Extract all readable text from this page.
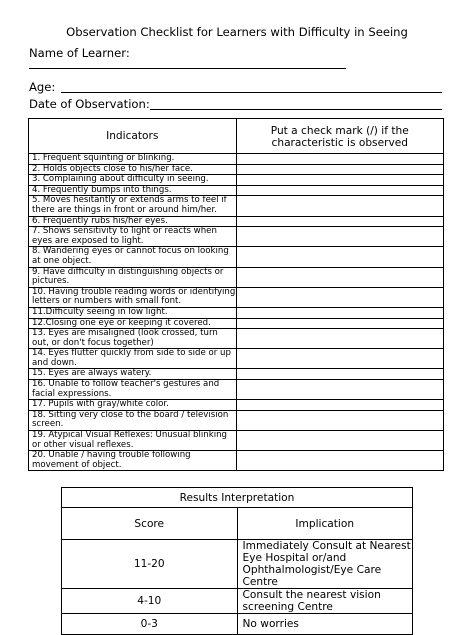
Observation Checklist for Learners with Difficulty in Seeing
Name of Learner:
Age:
Date of Observation:
Indicators	Put a check mark (/) if the characteristic is observed
1. Frequent squinting or blinking.	
2. Holds objects close to his/her face.	
3. Complaining about difficulty in seeing.	
4. Frequently bumps into things.	
5. Moves hesitantly or extends arms to feel if there are things in front or around him/her.	
6. Frequently rubs his/her eyes.	
7. Shows sensitivity to light or reacts when eyes are exposed to light.	
8. Wandering eyes or cannot focus on looking at one object.	
9. Have difficulty in distinguishing objects or pictures.	
10. Having trouble reading words or identifying letters or numbers with small font.	
11.Difficulty seeing in low light.	
12.Closing one eye or keeping it covered.	
13. Eyes are misaligned (look crossed, turn out, or don't focus together)	
14. Eyes flutter quickly from side to side or up and down.	
15. Eyes are always watery.	
16. Unable to follow teacher's gestures and facial expressions.	
17. Pupils with gray/white color.	
18. Sitting very close to the board / television screen.	
19. Atypical Visual Reflexes: Unusual blinking or other visual reflexes.	
20. Unable / having trouble following movement of object.	
Results Interpretation	
Score	Implication
11-20	Immediately Consult at Nearest Eye Hospital or/and Ophthalmologist/Eye Care Centre
4-10	Consult the nearest vision screening Centre
0-3	No worries
